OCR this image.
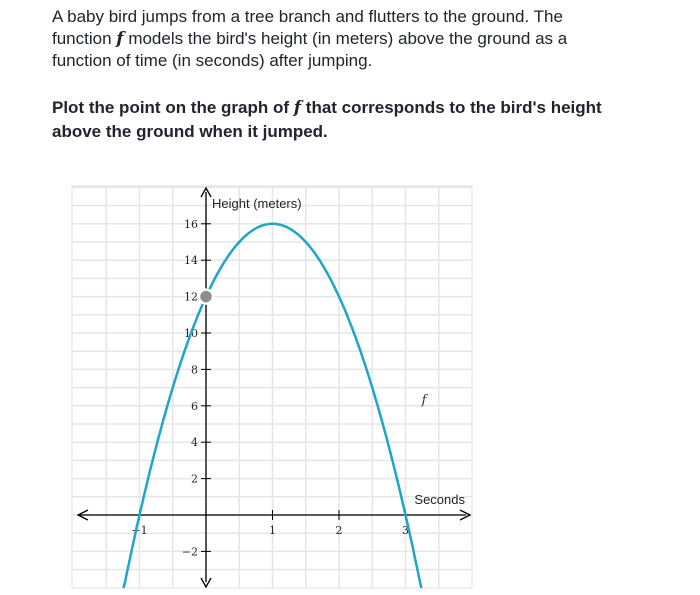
A baby bird jumps from a tree branch and flutters to the ground. The
function f models the bird's height (in meters) above the ground as a
function of time (in seconds) after jumping.

Plot the point on the graph of f that corresponds to the bird's height
above the ground when it jumped.

−1	1	2	3
−2
2
4
6
8
10
12
14
16
Height (meters)
Seconds
f
